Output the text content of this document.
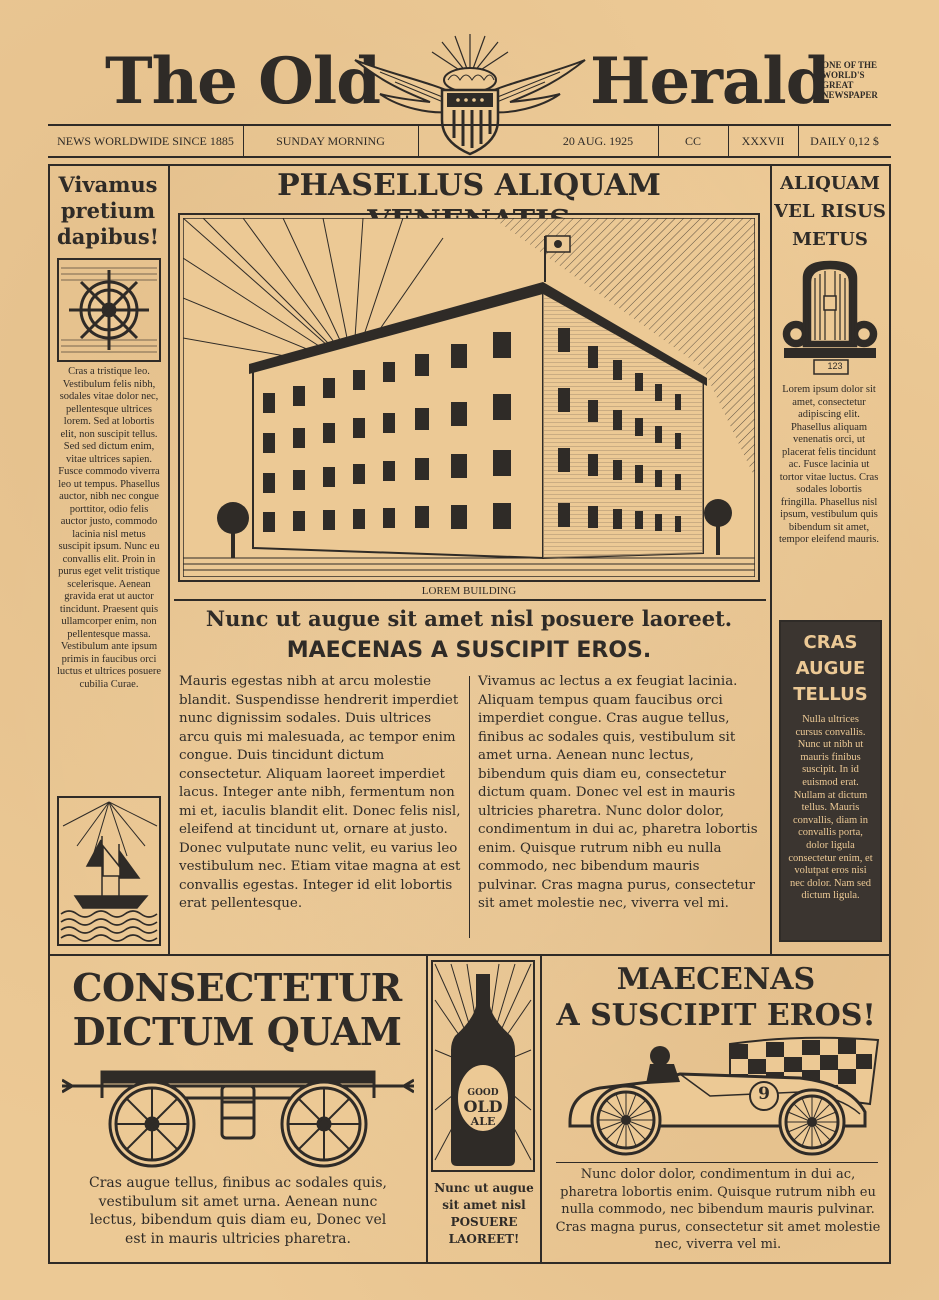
The Old	Herald
ONE OF THE
WORLD'S
GREAT
NEWSPAPER
NEWS WORLDWIDE SINCE 1885	SUNDAY MORNING	20 AUG. 1925	CC	XXXVII	DAILY 0,12 $
Vivamus
pretium
dapibus!
Cras a tristique leo. Vestibulum felis nibh, sodales vitae dolor nec, pellentesque ultrices lorem. Sed at lobortis elit, non suscipit tellus. Sed sed dictum enim, vitae ultrices sapien. Fusce commodo viverra leo ut tempus. Phasellus auctor, nibh nec congue porttitor, odio felis auctor justo, commodo lacinia nisl metus suscipit ipsum. Nunc eu convallis elit. Proin in purus eget velit tristique scelerisque. Aenean gravida erat ut auctor tincidunt. Praesent quis ullamcorper enim, non pellentesque massa. Vestibulum ante ipsum primis in faucibus orci luctus et ultrices posuere cubilia Curae.
PHASELLUS ALIQUAM
LOREM BUILDING
Nunc ut augue sit amet nisl posuere laoreet.
MAECENAS A SUSCIPIT EROS.
Mauris egestas nibh at arcu molestie blandit. Suspendisse hendrerit imperdiet nunc dignissim sodales. Duis ultrices arcu quis mi malesuada, ac tempor enim congue. Duis tincidunt dictum consectetur. Aliquam laoreet imperdiet lacus. Integer ante nibh, fermentum non mi et, iaculis blandit elit. Donec felis nisl, eleifend at tincidunt ut, ornare at justo. Donec vulputate nunc velit, eu varius leo vestibulum nec. Etiam vitae magna at est convallis egestas. Integer id elit lobortis erat pellentesque.
Vivamus ac lectus a ex feugiat lacinia. Aliquam tempus quam faucibus orci imperdiet congue. Cras augue tellus, finibus ac sodales quis, vestibulum sit amet urna. Aenean nunc lectus, bibendum quis diam eu, consectetur dictum quam. Donec vel est in mauris ultricies pharetra. Nunc dolor dolor, condimentum in dui ac, pharetra lobortis enim. Quisque rutrum nibh eu nulla commodo, nec bibendum mauris pulvinar. Cras magna purus, consectetur sit amet molestie nec, viverra vel mi.
ALIQUAM
VEL RISUS
METUS
123
Lorem ipsum dolor sit amet, consectetur adipiscing elit. Phasellus aliquam venenatis orci, ut placerat felis tincidunt ac. Fusce lacinia ut tortor vitae luctus. Cras sodales lobortis fringilla. Phasellus nisl ipsum, vestibulum quis bibendum sit amet, tempor eleifend mauris.
CRAS
AUGUE
TELLUS
Nulla ultrices cursus convallis. Nunc ut nibh ut mauris finibus suscipit. In id euismod erat. Nullam at dictum tellus. Mauris convallis, diam in convallis porta, dolor ligula consectetur enim, et volutpat eros nisi nec dolor. Nam sed dictum ligula.
CONSECTETUR
DICTUM QUAM
Cras augue tellus, finibus ac sodales quis, vestibulum sit amet urna. Aenean nunc lectus, bibendum quis diam eu, Donec vel est in mauris ultricies pharetra.
GOOD
OLD
ALE
Nunc ut augue
sit amet nisl
POSUERE
LAOREET!
MAECENAS
A SUSCIPIT EROS!
9
Nunc dolor dolor, condimentum in dui ac, pharetra lobortis enim. Quisque rutrum nibh eu nulla commodo, nec bibendum mauris pulvinar. Cras magna purus, consectetur sit amet molestie nec, viverra vel mi.
